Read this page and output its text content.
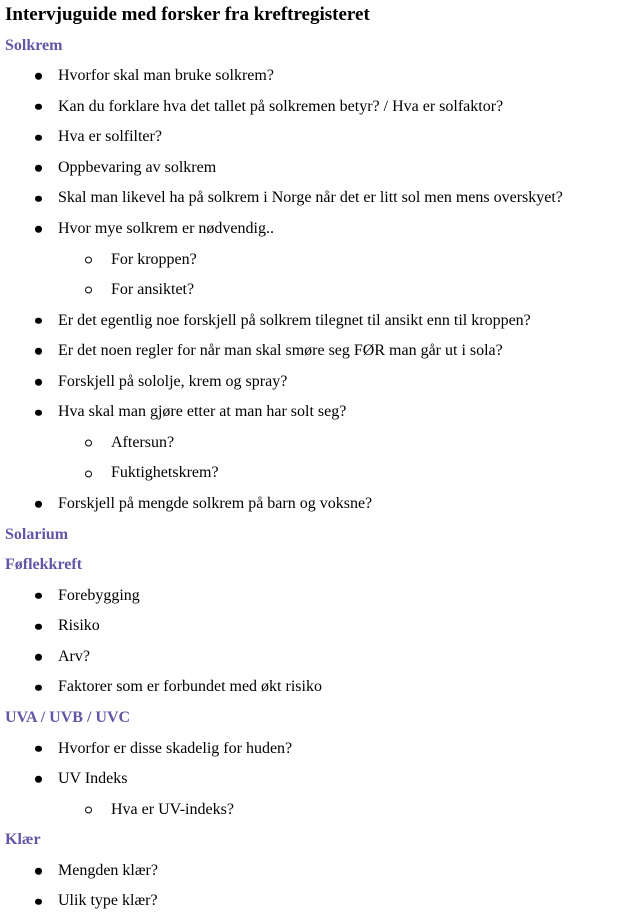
Intervjuguide med forsker fra kreftregisteret
Solkrem
Hvorfor skal man bruke solkrem?
Kan du forklare hva det tallet på solkremen betyr? / Hva er solfaktor?
Hva er solfilter?
Oppbevaring av solkrem
Skal man likevel ha på solkrem i Norge når det er litt sol men mens overskyet?
Hvor mye solkrem er nødvendig..
For kroppen?
For ansiktet?
Er det egentlig noe forskjell på solkrem tilegnet til ansikt enn til kroppen?
Er det noen regler for når man skal smøre seg FØR man går ut i sola?
Forskjell på sololje, krem og spray?
Hva skal man gjøre etter at man har solt seg?
Aftersun?
Fuktighetskrem?
Forskjell på mengde solkrem på barn og voksne?
Solarium
Føflekkreft
Forebygging
Risiko
Arv?
Faktorer som er forbundet med økt risiko
UVA / UVB / UVC
Hvorfor er disse skadelig for huden?
UV Indeks
Hva er UV-indeks?
Klær
Mengden klær?
Ulik type klær?
